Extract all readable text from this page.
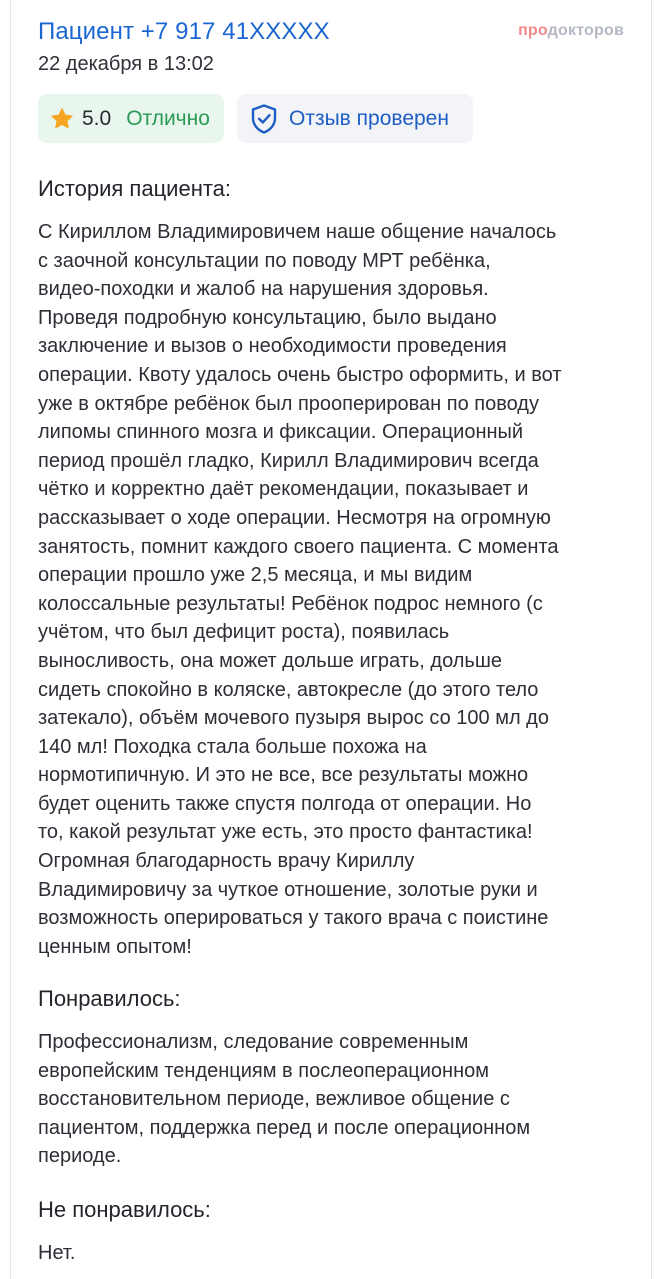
Пациент +7 917 41XXXXX
22 декабря в 13:02
продокторов
5.0 Отлично	Отзыв проверен
История пациента:

С Кириллом Владимировичем наше общение началось
с заочной консультации по поводу МРТ ребёнка,
видео-походки и жалоб на нарушения здоровья.
Проведя подробную консультацию, было выдано
заключение и вызов о необходимости проведения
операции. Квоту удалось очень быстро оформить, и вот
уже в октябре ребёнок был прооперирован по поводу
липомы спинного мозга и фиксации. Операционный
период прошёл гладко, Кирилл Владимирович всегда
чётко и корректно даёт рекомендации, показывает и
рассказывает о ходе операции. Несмотря на огромную
занятость, помнит каждого своего пациента. С момента
операции прошло уже 2,5 месяца, и мы видим
колоссальные результаты! Ребёнок подрос немного (с
учётом, что был дефицит роста), появилась
выносливость, она может дольше играть, дольше
сидеть спокойно в коляске, автокресле (до этого тело
затекало), объём мочевого пузыря вырос со 100 мл до
140 мл! Походка стала больше похожа на
нормотипичную. И это не все, все результаты можно
будет оценить также спустя полгода от операции. Но
то, какой результат уже есть, это просто фантастика!
Огромная благодарность врачу Кириллу
Владимировичу за чуткое отношение, золотые руки и
возможность оперироваться у такого врача с поистине
ценным опытом!

Понравилось:

Профессионализм, следование современным
европейским тенденциям в послеоперационном
восстановительном периоде, вежливое общение с
пациентом, поддержка перед и после операционном
периоде.

Не понравилось:

Нет.
